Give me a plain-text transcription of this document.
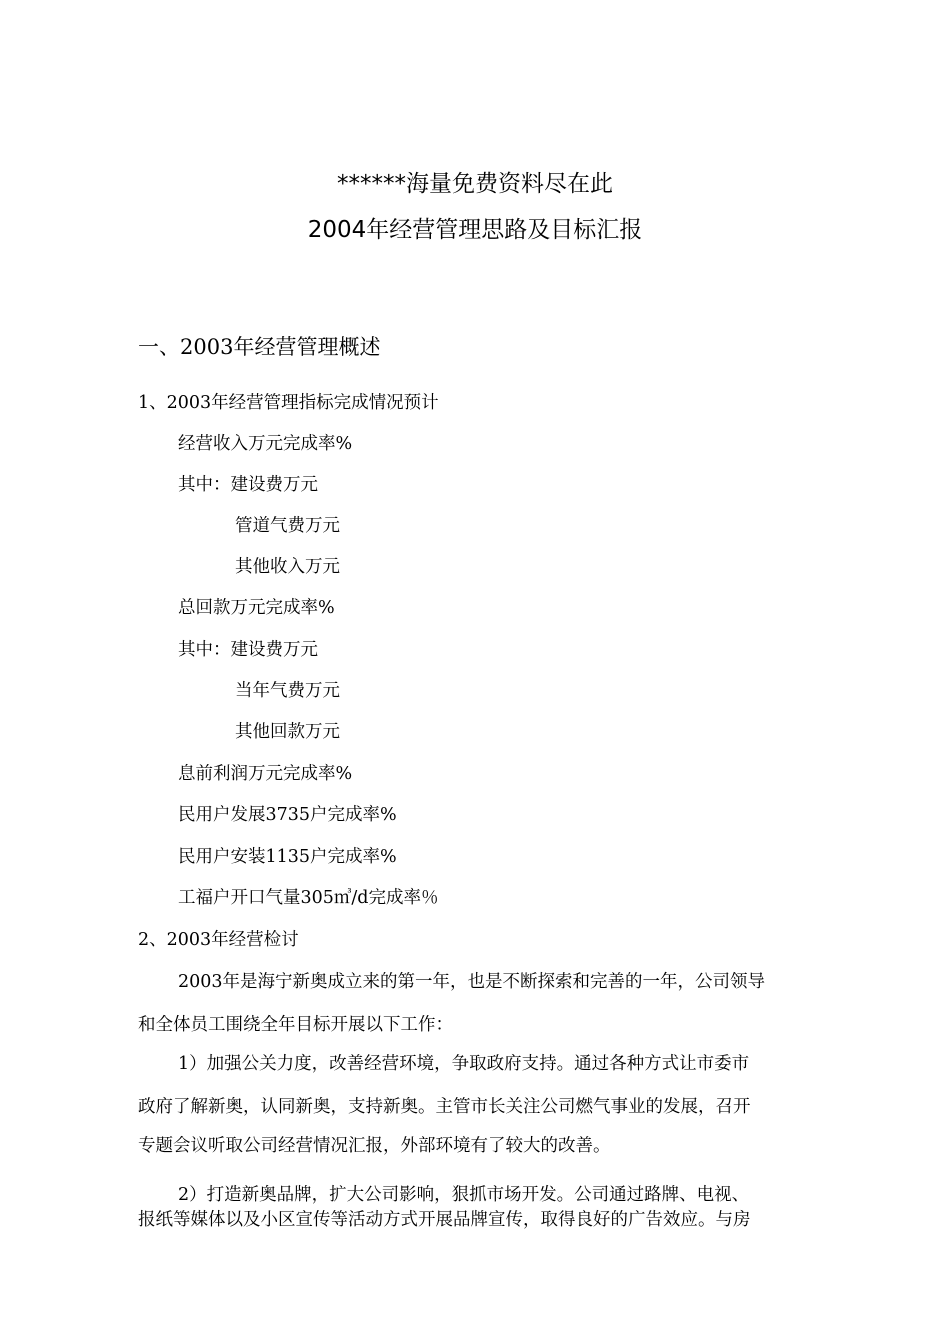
******海量免费资料尽在此
2004年经营管理思路及目标汇报
一、2003年经营管理概述
1、2003年经营管理指标完成情况预计
经营收入万元完成率%
其中：建设费万元
管道气费万元
其他收入万元
总回款万元完成率%
其中：建设费万元
当年气费万元
其他回款万元
息前利润万元完成率%
民用户发展3735户完成率%
民用户安装1135户完成率%
工福户开口气量305㎥/d完成率％
2、2003年经营检讨
2003年是海宁新奥成立来的第一年，也是不断探索和完善的一年，公司领导
和全体员工围绕全年目标开展以下工作：
1）加强公关力度，改善经营环境，争取政府支持。通过各种方式让市委市
政府了解新奥，认同新奥，支持新奥。主管市长关注公司燃气事业的发展，召开
专题会议听取公司经营情况汇报，外部环境有了较大的改善。
2）打造新奥品牌，扩大公司影响，狠抓市场开发。公司通过路牌、电视、
报纸等媒体以及小区宣传等活动方式开展品牌宣传，取得良好的广告效应。与房
